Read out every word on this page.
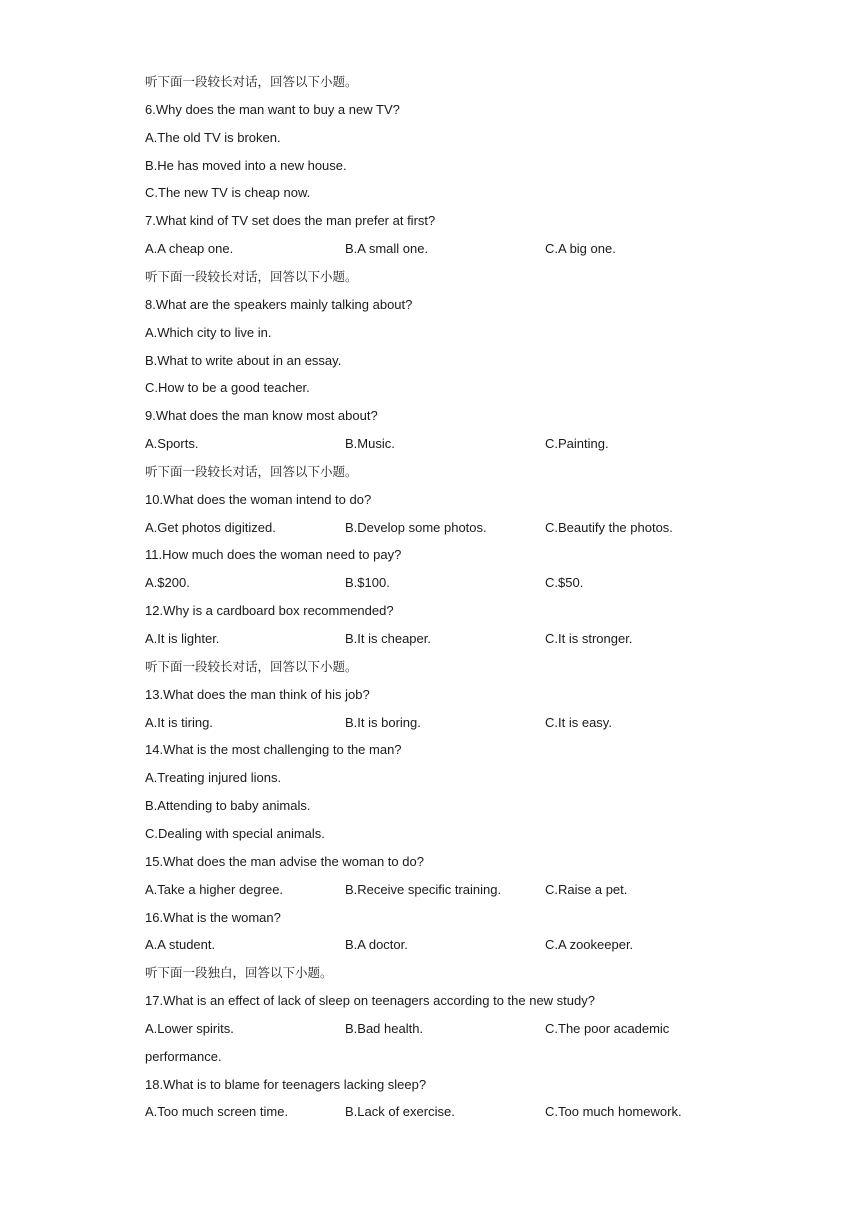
听下面一段较长对话，回答以下小题。
6.Why does the man want to buy a new TV?
A.The old TV is broken.
B.He has moved into a new house.
C.The new TV is cheap now.
7.What kind of TV set does the man prefer at first?
A.A cheap one.	B.A small one.	C.A big one.
听下面一段较长对话，回答以下小题。
8.What are the speakers mainly talking about?
A.Which city to live in.
B.What to write about in an essay.
C.How to be a good teacher.
9.What does the man know most about?
A.Sports.	B.Music.	C.Painting.
听下面一段较长对话，回答以下小题。
10.What does the woman intend to do?
A.Get photos digitized.	B.Develop some photos.	C.Beautify the photos.
11.How much does the woman need to pay?
A.$200.	B.$100.	C.$50.
12.Why is a cardboard box recommended?
A.It is lighter.	B.It is cheaper.	C.It is stronger.
听下面一段较长对话，回答以下小题。
13.What does the man think of his job?
A.It is tiring.	B.It is boring.	C.It is easy.
14.What is the most challenging to the man?
A.Treating injured lions.
B.Attending to baby animals.
C.Dealing with special animals.
15.What does the man advise the woman to do?
A.Take a higher degree.	B.Receive specific training.	C.Raise a pet.
16.What is the woman?
A.A student.	B.A doctor.	C.A zookeeper.
听下面一段独白，回答以下小题。
17.What is an effect of lack of sleep on teenagers according to the new study?
A.Lower spirits.	B.Bad health.	C.The poor academic
performance.
18.What is to blame for teenagers lacking sleep?
A.Too much screen time.	B.Lack of exercise.	C.Too much homework.
